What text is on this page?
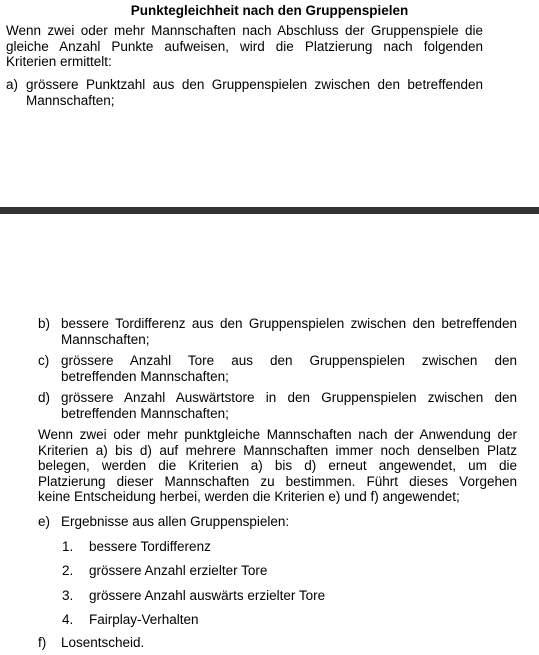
Punktegleichheit nach den Gruppenspielen
Wenn zwei oder mehr Mannschaften nach Abschluss der Gruppenspiele die
gleiche Anzahl Punkte aufweisen, wird die Platzierung nach folgenden
Kriterien ermittelt:
a) grössere Punktzahl aus den Gruppenspielen zwischen den betreffenden
Mannschaften;
b) bessere Tordifferenz aus den Gruppenspielen zwischen den betreffenden
Mannschaften;
c) grössere Anzahl Tore aus den Gruppenspielen zwischen den
betreffenden Mannschaften;
d) grössere Anzahl Auswärtstore in den Gruppenspielen zwischen den
betreffenden Mannschaften;
Wenn zwei oder mehr punktgleiche Mannschaften nach der Anwendung der
Kriterien a) bis d) auf mehrere Mannschaften immer noch denselben Platz
belegen, werden die Kriterien a) bis d) erneut angewendet, um die
Platzierung dieser Mannschaften zu bestimmen. Führt dieses Vorgehen
keine Entscheidung herbei, werden die Kriterien e) und f) angewendet;
e) Ergebnisse aus allen Gruppenspielen:
1. bessere Tordifferenz
2. grössere Anzahl erzielter Tore
3. grössere Anzahl auswärts erzielter Tore
4. Fairplay-Verhalten
f) Losentscheid.
